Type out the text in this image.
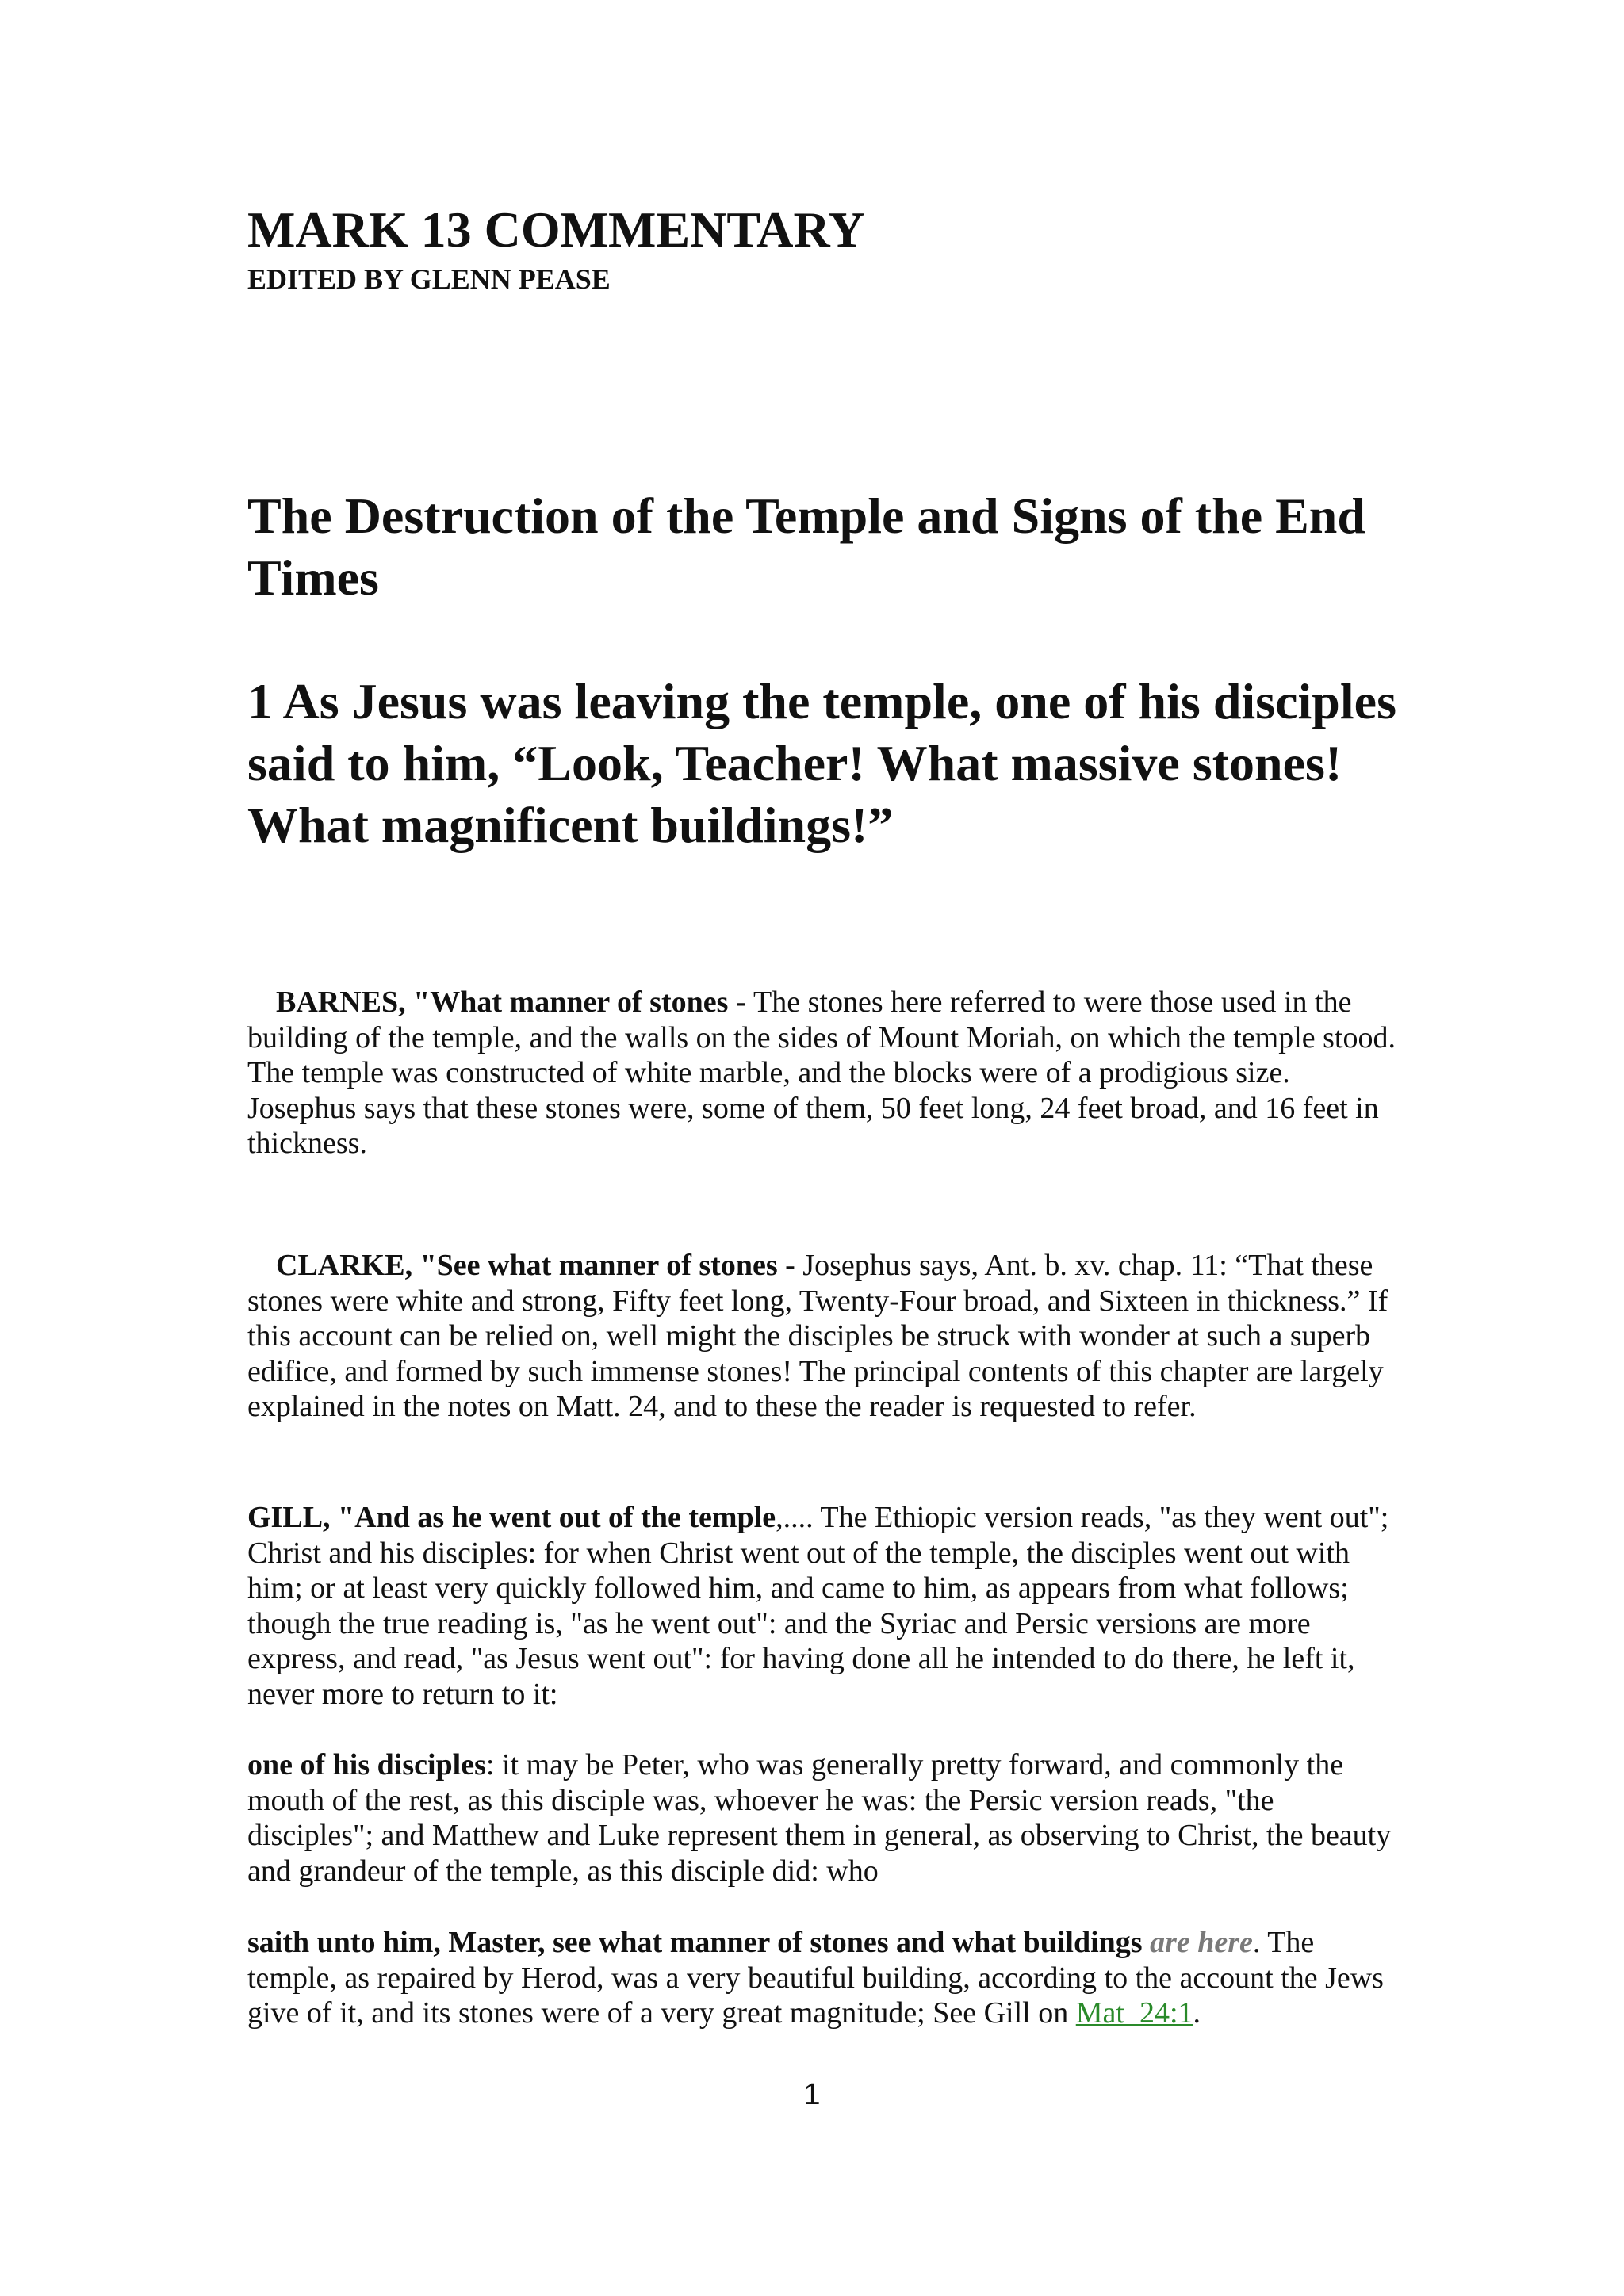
MARK 13 COMMENTARY
EDITED BY GLENN PEASE
The Destruction of the Temple and Signs of the End Times
1 As Jesus was leaving the temple, one of his disciples said to him, “Look, Teacher! What massive stones! What magnificent buildings!”
BARNES, "What manner of stones - The stones here referred to were those used in the building of the temple, and the walls on the sides of Mount Moriah, on which the temple stood. The temple was constructed of white marble, and the blocks were of a prodigious size. Josephus says that these stones were, some of them, 50 feet long, 24 feet broad, and 16 feet in thickness.
CLARKE, "See what manner of stones - Josephus says, Ant. b. xv. chap. 11: “That these stones were white and strong, Fifty feet long, Twenty-Four broad, and Sixteen in thickness.” If this account can be relied on, well might the disciples be struck with wonder at such a superb edifice, and formed by such immense stones! The principal contents of this chapter are largely explained in the notes on Matt. 24, and to these the reader is requested to refer.
GILL, "And as he went out of the temple,.... The Ethiopic version reads, "as they went out"; Christ and his disciples: for when Christ went out of the temple, the disciples went out with him; or at least very quickly followed him, and came to him, as appears from what follows; though the true reading is, "as he went out": and the Syriac and Persic versions are more express, and read, "as Jesus went out": for having done all he intended to do there, he left it, never more to return to it:
one of his disciples: it may be Peter, who was generally pretty forward, and commonly the mouth of the rest, as this disciple was, whoever he was: the Persic version reads, "the disciples"; and Matthew and Luke represent them in general, as observing to Christ, the beauty and grandeur of the temple, as this disciple did: who
saith unto him, Master, see what manner of stones and what buildings are here. The temple, as repaired by Herod, was a very beautiful building, according to the account the Jews give of it, and its stones were of a very great magnitude; See Gill on Mat_24:1.
1
